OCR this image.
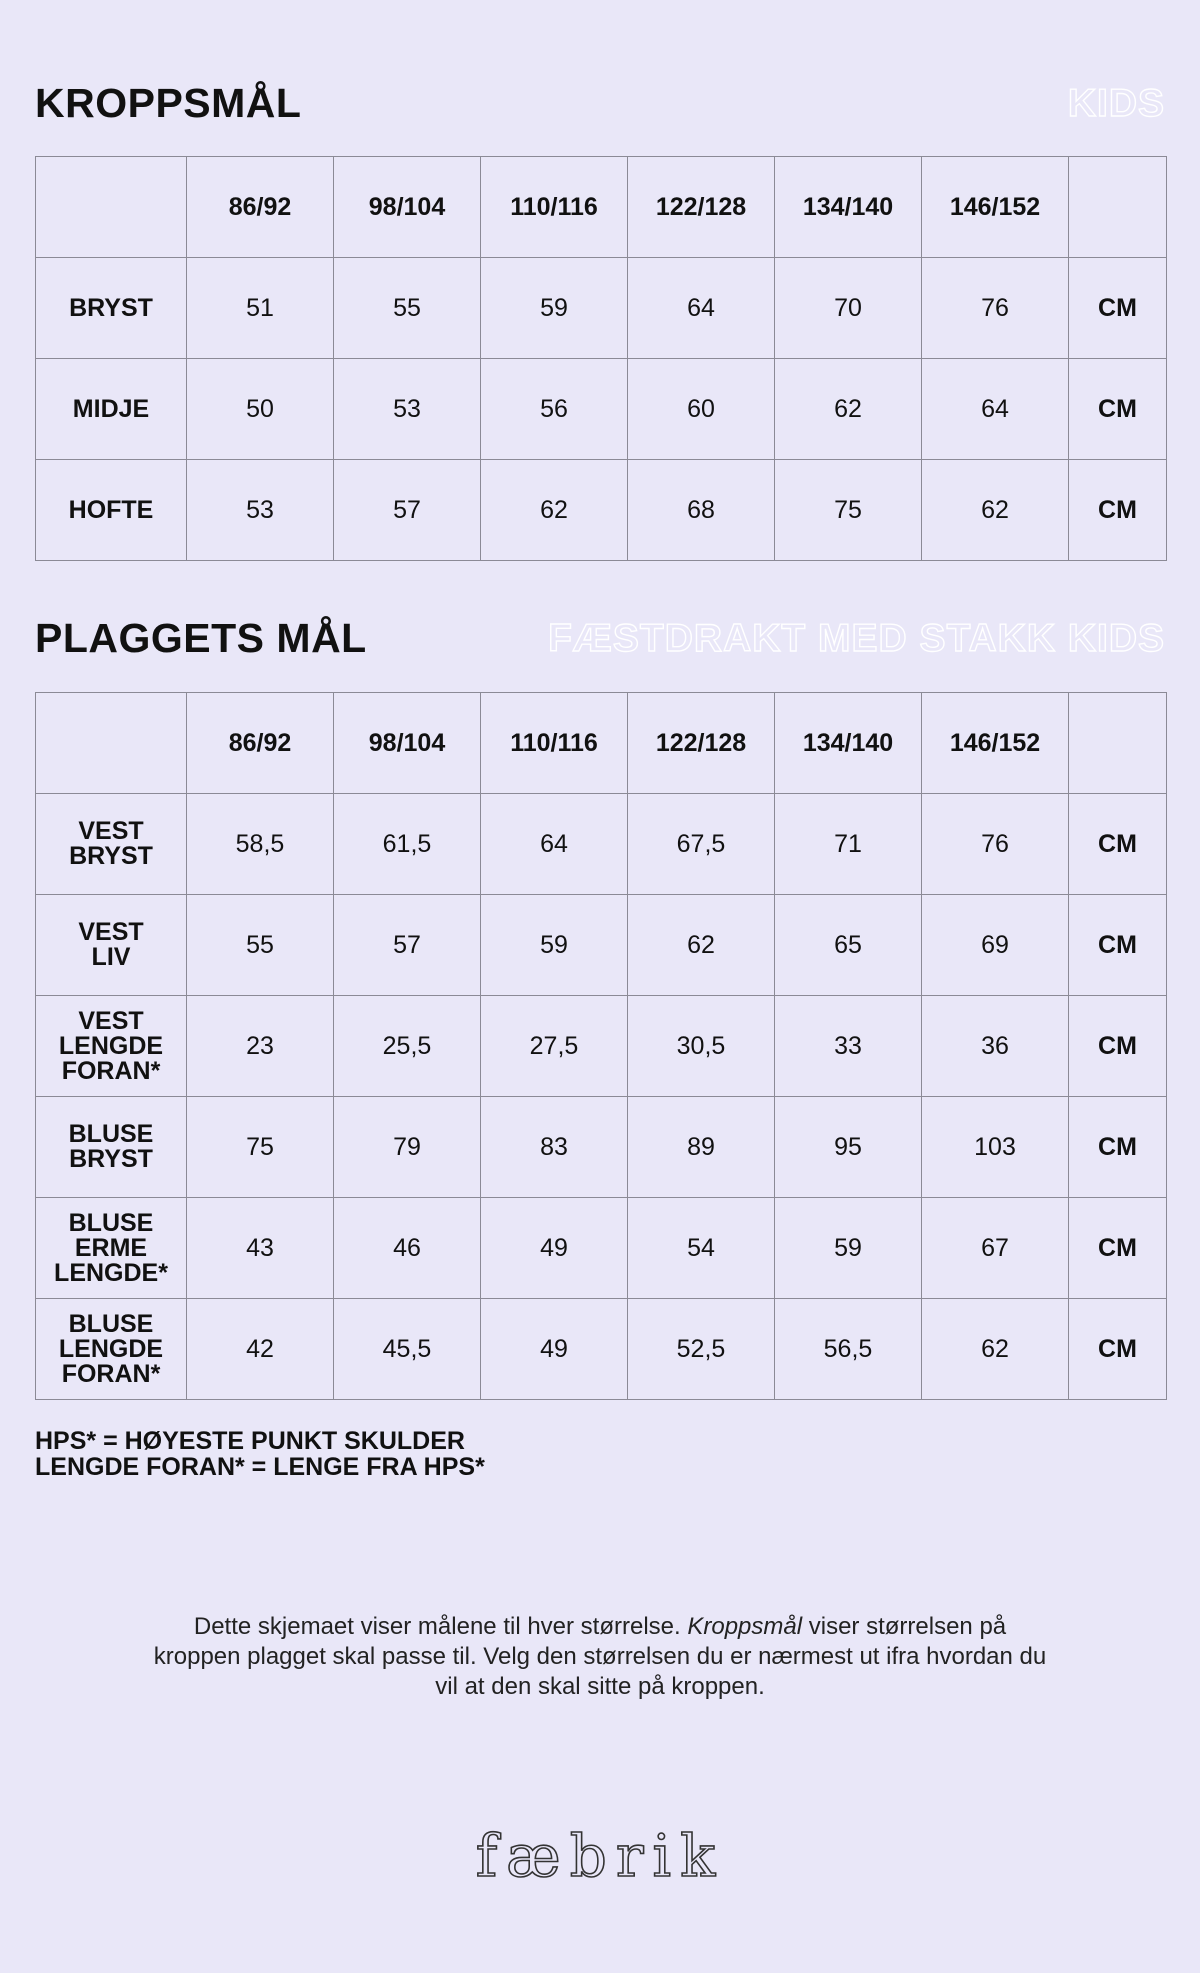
KROPPSMÅL	KIDS
	86/92	98/104	110/116	122/128	134/140	146/152	
BRYST	51	55	59	64	70	76	CM
MIDJE	50	53	56	60	62	64	CM
HOFTE	53	57	62	68	75	62	CM
PLAGGETS MÅL	FÆSTDRAKT MED STAKK KIDS
	86/92	98/104	110/116	122/128	134/140	146/152	

VEST
BRYST	58,5	61,5	64	67,5	71	76	CM

VEST
LIV	55	57	59	62	65	69	CM

VEST
LENGDE
FORAN*	23	25,5	27,5	30,5	33	36	CM

BLUSE
BRYST	75	79	83	89	95	103	CM

BLUSE
ERME
LENGDE*	43	46	49	54	59	67	CM

BLUSE
LENGDE
FORAN*	42	45,5	49	52,5	56,5	62	CM
HPS* = HØYESTE PUNKT SKULDER
LENGDE FORAN* = LENGE FRA HPS*
Dette skjemaet viser målene til hver størrelse. Kroppsmål viser størrelsen på kroppen plagget skal passe til. Velg den størrelsen du er nærmest ut ifra hvordan du vil at den skal sitte på kroppen.
fæbrik
